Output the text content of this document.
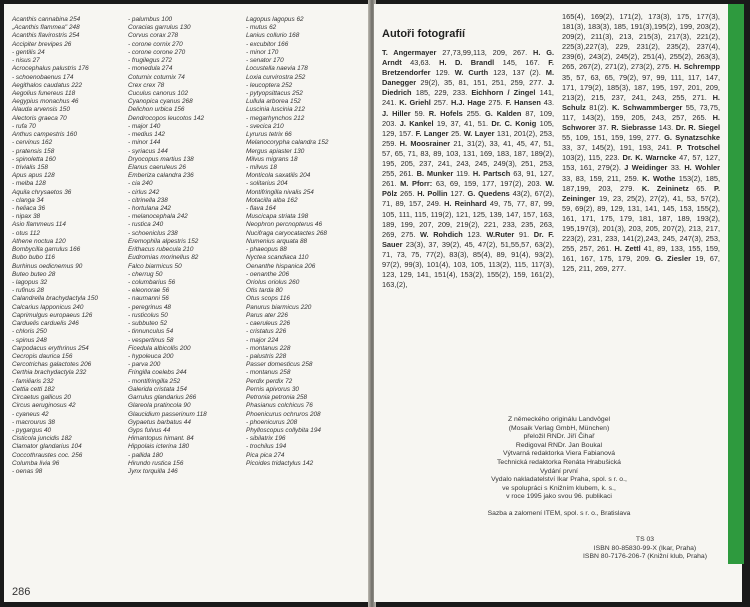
Acanthis cannabina 254
„Acanthis flammea" 248
Acanthis flavirostris 254
Accipiter brevipes 26
- gentilis 24
- nisus 27
Acrocephalus palustris 176
- schoenobaenus 174
Aegithalos caudatus 222
Aegolius funereus 118
Aegypius monachus 46
Alauda arvensis 150
Alectoris graeca 70
- rufa 70
Anthus campestris 160
- cervinus 162
- pratensis 158
- spinoletta 160
- trivialis 158
Apus apus 128
- melba 128
Aquila chrysaetos 36
- clanga 34
- heliaca 36
- nipax 38
Asio flammeus 114
- otus 112
Athene noctua 120
Bombycilla garrulus 166
Bubo bubo 116
Burhinus oedicnemus 90
Buteo buteo 28
- lagopus 32
- rufinus 28
Calandrella brachydactyla 150
Calcarius lapponicus 240
Caprimulgus europaeus 126
Carduelis carduelis 246
- chloris 250
- spinus 248
Carpodacus erythrinus 254
Cecropis daurica 156
Cercotrichas galactotes 206
Certhia brachydactyla 232
- familiaris 232
Cettia cetti 182
Circaetus gallicus 20
Circus aeruginosus 42
- cyaneus 42
- macrourus 38
- pygargus 40
Cisticola juncidis 182
Clamator glandarius 104
Coccothraustes coc. 256
Columba livia 96
- oenas 98
- palumbus 100
Coracias garrulus 130
Corvus corax 278
- corone cornix 270
- corone corone 270
- frugilegus 272
- monedula 274
Coturnix coturnix 74
Crex crex 78
Cuculus canorus 102
Cyanopica cyanus 268
Delichon urbica 156
Dendrocopos leucotos 142
- major 140
- medius 142
- minor 144
- syriacus 144
Dryocopus martius 138
Elanus caeruleus 26
Emberiza calandra 236
- cia 240
- cirlus 242
- citrinella 238
- hortulana 242
- melanocephala 242
- rustica 240
- schoeniclus 238
Eremophila alpestris 152
Erithacus rubecula 210
Eudromias morinellus 82
Falco biarmicus 50
- cherrug 50
- columbarius 56
- eleonorae 56
- naumanni 56
- peregrinus 48
- rusticolus 50
- subbuteo 52
- tinnunculus 54
- vespertinus 58
Ficedula albicollis 200
- hypoleuca 200
- parva 200
Fringilla coelebs 244
- montifringilla 252
Galerida cristata 154
Garrulus glandarius 266
Glareola pratincola 90
Glaucidium passerinum 118
Gypaetus barbatus 44
Gyps fulvus 44
Himantopus himant. 84
Hippolais icterina 180
- pallida 180
Hirundo rustica 156
Jynx torquilla 146
Lagopus lagopus 62
- mutus 62
Lanius collurio 168
- excubitor 166
- minor 170
- senator 170
Locustella naevia 178
Loxia curvirostra 252
- leucoptera 252
- pytyopsittacus 252
Lullula arborea 152
Luscinia luscinia 212
- megarhynchos 212
- svecica 210
Lyrurus tetrix 66
Melanocorypha calandra 152
Mergus apiaster 130
Milvus migrans 18
- milvus 18
Monticola saxatilis 204
- solitarius 204
Montifringilla nivalis 254
Motacilla alba 162
- flava 164
Muscicapa striata 198
Neophron percnopterus 46
Nucifraga caryocatactes 268
Numenius arquata 88
- phaeopus 88
Nyctea scandiaca 110
Oenanthe hispanica 206
- oenanthe 206
Oriolus oriolus 260
Otis tarda 80
Otus scops 116
Panurus biarmicus 220
Parus ater 226
- caeruleus 226
- cristatus 226
- major 224
- montanus 228
- palustris 228
Passer domesticus 258
- montanus 258
Perdix perdix 72
Pernis apivorus 30
Petronia petronia 258
Phasianus colchicus 76
Phoenicurus ochruros 208
- phoenicurus 208
Phylloscopus collybita 194
- sibilatrix 196
- trochilus 194
Pica pica 274
Picoides tridactylus 142
286
Autoři fotografií
T. Angermayer 27,73,99,113, 209, 267. H. G. Arndt 43,63. H. D. Brandl 145, 167. F. Bretzendorfer 129. W. Curth 123, 137 (2). M. Danegger 29(2), 35, 81, 151, 251, 259, 277. J. Diedrich 185, 229, 233. Eichhorn / Zingel 141, 241. K. Griehl 257. H.J. Hage 275. F. Hansen 43. J. Hiller 59. R. Hofels 255. G. Kalden 87, 109, 203. J. Kankel 19, 37, 41, 51. Dr. C. Konig 105, 129, 157. F. Langer 25. W. Layer 131, 201(2), 253, 259. H. Moosrainer 21, 31(2), 33, 41, 45, 47, 51, 57, 65, 71, 83, 89, 103, 131, 169, 183, 187, 189(2), 195, 205, 237, 241, 243, 245, 249(3), 251, 253, 255, 261. B. Munker 119. H. Partsch 63, 91, 127, 261. M. Pforr: 63, 69, 159, 177, 197(2), 203. W. Pölz 265. H. Pollin 127. G. Quedens 43(2), 67(2), 71, 89, 157, 249. H. Reinhard 49, 75, 77, 87, 99, 105, 111, 115, 119(2), 121, 125, 139, 147, 157, 163, 189, 199, 207, 209, 219(2), 221, 233, 235, 263, 269, 275. W. Rohdich 123. W.Ruter 91. Dr. F. Sauer 23(3), 37, 39(2), 45, 47(2), 51,55,57, 63(2), 71, 73, 75, 77(2), 83(3), 85(4), 89, 91(4), 93(2), 97(2), 99(3), 101(4), 103, 105, 113(2), 115, 117(3), 123, 129, 141, 151(4), 153(2), 155(2), 159, 161(2), 163,(2),
Z německého originálu Landvögel
(Mosaik Verlag GmbH, München)
přeložil RNDr. Jiří Čihař
Redigoval RNDr. Jan Boukal
Výtvarná redaktorka Viera Fabianová
Technická redaktorka Renáta Hrabušická
Vydání první
Vydalo nakladatelství Ikar Praha, spol. s r. o.,
ve spolupráci s Knižním klubem, k. s.,
v roce 1995 jako svou 96. publikaci
Sazba a zalomení ITEM, spol. s r. o., Bratislava
TS 03
ISBN 80-85830-99-X (Ikar, Praha)
ISBN 80-7176-206-7 (Knižní klub, Praha)
165(4), 169(2), 171(2), 173(3), 175, 177(3), 181(3), 183(3), 185, 191(3),195(2), 199, 203(2), 209(2), 211(3), 213, 215(3), 217(3), 221(2), 225(3),227(3), 229, 231(2), 235(2), 237(4), 239(6), 243(2), 245(2), 251(4), 255(2), 263(3), 265, 267(2), 271(2), 273(2), 275. H. Schrempp 35, 57, 63, 65, 79(2), 97, 99, 111, 117, 147, 171, 179(2), 185(3), 187, 195, 197, 201, 209, 213(2), 215, 237, 241, 243, 255, 271. H. Schulz 81(2). K. Schwammberger 55, 73,75, 117, 143(2), 159, 205, 243, 257, 265. H. Schworer 37. R. Siebrasse 143. Dr. R. Siegel 55, 109, 151, 159, 199, 277. G. Synatzschke 33, 37, 145(2), 191, 193, 241. P. Trotschel 103(2), 115, 223. Dr. K. Warncke 47, 57, 127, 153, 161, 279(2). J Weidinger 33. H. Wohler 33, 83, 159, 211, 259. K. Wothe 153(2), 185, 187,199, 203, 279. K. Zeininetz 65. P. Zeininger 19, 23, 25(2), 27(2), 41, 53, 57(2), 59, 69(2), 89, 129, 131, 141, 145, 153, 155(2), 161, 171, 175, 179, 181, 187, 189, 193(2), 195,197(3), 201(3), 203, 205, 207(2), 213, 217, 223(2), 231, 233, 141(2),243, 245, 247(3), 253, 255, 257, 261. H. Zettl 41, 89, 133, 155, 159, 161, 167, 175, 179, 209. G. Ziesler 19, 67, 125, 211, 269, 277.
